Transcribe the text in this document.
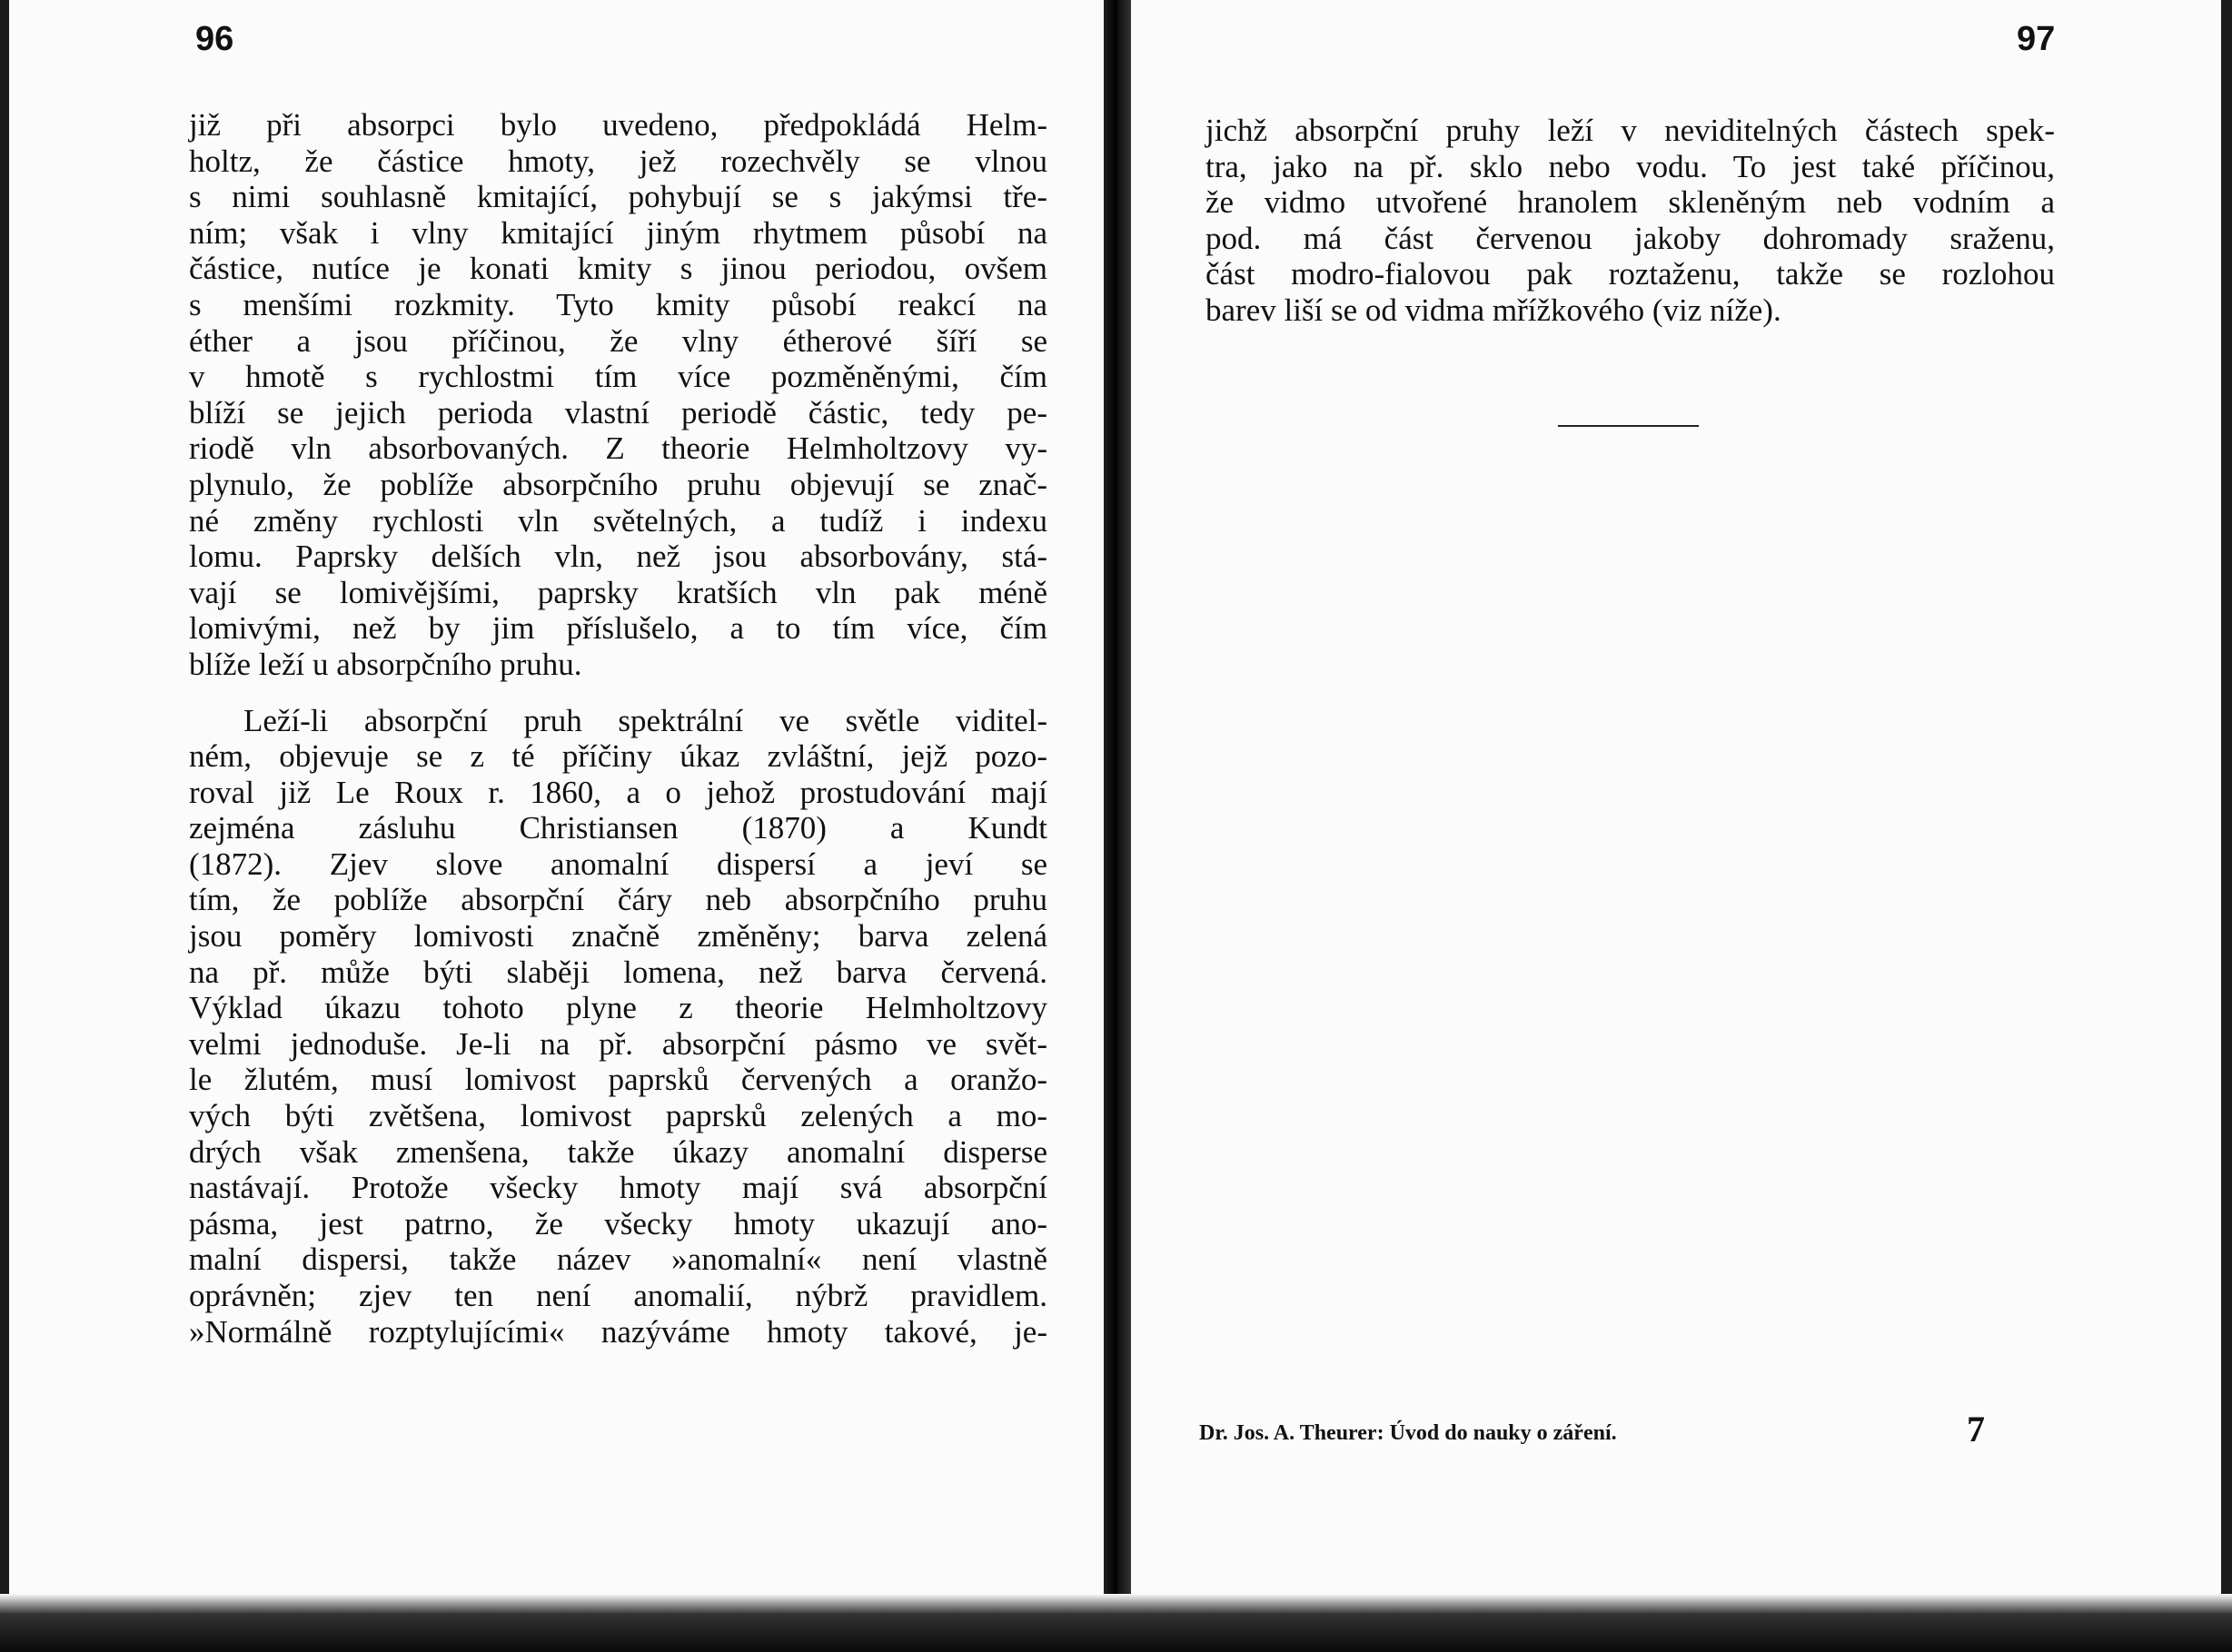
96

již při absorpci bylo uvedeno, předpokládá Helm-
holtz, že částice hmoty, jež rozechvěly se vlnou
s nimi souhlasně kmitající, pohybují se s jakýmsi tře-
ním; však i vlny kmitající jiným rhytmem působí na
částice, nutíce je konati kmity s jinou periodou, ovšem
s menšími rozkmity. Tyto kmity působí reakcí na
éther a jsou příčinou, že vlny étherové šíří se
v hmotě s rychlostmi tím více pozměněnými, čím
blíží se jejich perioda vlastní periodě částic, tedy pe-
riodě vln absorbovaných. Z theorie Helmholtzovy vy-
plynulo, že poblíže absorpčního pruhu objevují se znač-
né změny rychlosti vln světelných, a tudíž i indexu
lomu. Paprsky delších vln, než jsou absorbovány, stá-
vají se lomivějšími, paprsky kratších vln pak méně
lomivými, než by jim příslušelo, a to tím více, čím
blíže leží u absorpčního pruhu.

Leží-li absorpční pruh spektrální ve světle viditel-
ném, objevuje se z té příčiny úkaz zvláštní, jejž pozo-
roval již Le Roux r. 1860, a o jehož prostudování mají
zejména zásluhu Christiansen (1870) a Kundt
(1872). Zjev slove anomalní dispersí a jeví se
tím, že poblíže absorpční čáry neb absorpčního pruhu
jsou poměry lomivosti značně změněny; barva zelená
na př. může býti slaběji lomena, než barva červená.
Výklad úkazu tohoto plyne z theorie Helmholtzovy
velmi jednoduše. Je-li na př. absorpční pásmo ve svět-
le žlutém, musí lomivost paprsků červených a oranžo-
vých býti zvětšena, lomivost paprsků zelených a mo-
drých však zmenšena, takže úkazy anomalní disperse
nastávají. Protože všecky hmoty mají svá absorpční
pásma, jest patrno, že všecky hmoty ukazují ano-
malní dispersi, takže název »anomalní« není vlastně
oprávněn; zjev ten není anomalií, nýbrž pravidlem.
»Normálně rozptylujícími« nazýváme hmoty takové, je-

97

jichž absorpční pruhy leží v neviditelných částech spek-
tra, jako na př. sklo nebo vodu. To jest také příčinou,
že vidmo utvořené hranolem skleněným neb vodním a
pod. má část červenou jakoby dohromady sraženu,
část modro-fialovou pak roztaženu, takže se rozlohou
barev liší se od vidma mřížkového (viz níže).

Dr. Jos. A. Theurer: Úvod do nauky o záření.	7
